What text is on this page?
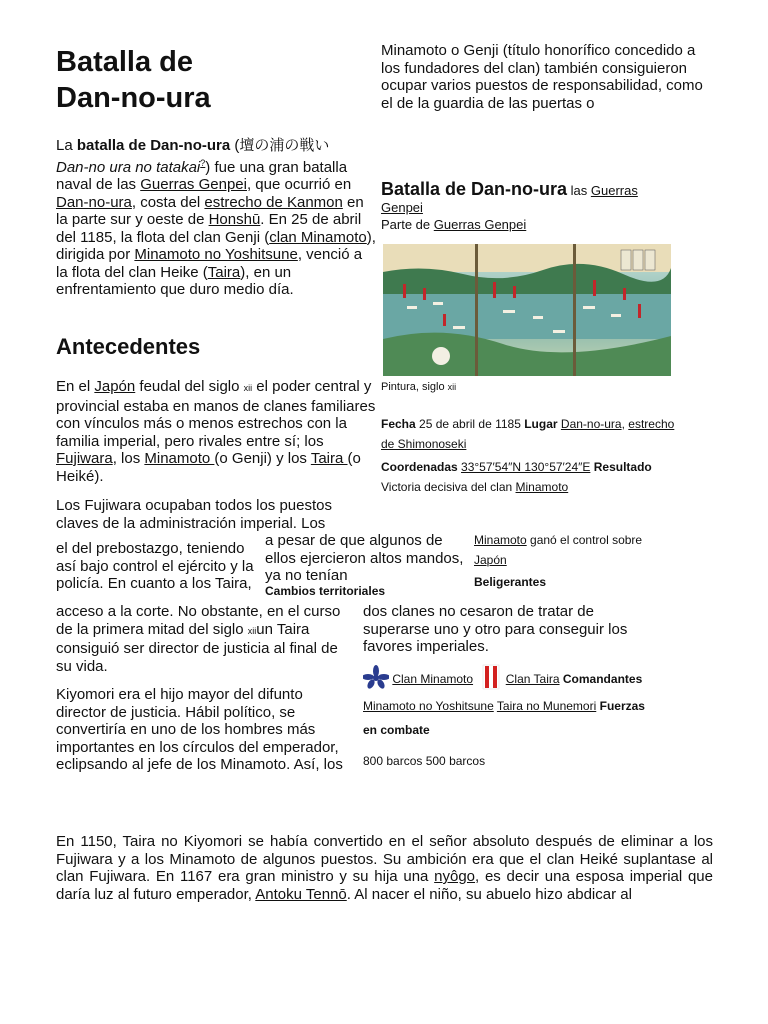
Batalla de
Dan-no-ura
La batalla de Dan-no-ura (壇の浦の戦い
Dan-no ura no tatakai?) fue una gran batalla naval de las Guerras Genpei, que ocurrió en Dan-no-ura, costa del estrecho de Kanmon en la parte sur y oeste de Honshū. En 25 de abril del 1185, la flota del clan Genji (clan Minamoto), dirigida por Minamoto no Yoshitsune, venció a la flota del clan Heike (Taira), en un enfrentamiento que duro medio día.
Antecedentes
En el Japón feudal del siglo xii el poder central y provincial estaba en manos de clanes familiares con vínculos más o menos estrechos con la familia imperial, pero rivales entre sí; los Fujiwara, los Minamoto (o Genji) y los Taira (o Heiké).
Los Fujiwara ocupaban todos los puestos claves de la administración imperial. Los
el del prebostazgo, teniendo así bajo control el ejército y la policía. En cuanto a los Taira,
a pesar de que algunos de ellos ejercieron altos mandos, ya no tenían
acceso a la corte. No obstante, en el curso de la primera mitad del siglo xiiun Taira consiguió ser director de justicia al final de su vida.
Kiyomori era el hijo mayor del difunto director de justicia. Hábil político, se convertiría en uno de los hombres más importantes en los círculos del emperador, eclipsando al jefe de los Minamoto. Así, los
Minamoto o Genji (título honorífico concedido a los fundadores del clan) también consiguieron ocupar varios puestos de responsabilidad, como el de la guardia de las puertas o
Batalla de Dan-no-ura las Guerras
Genpei
Parte de Guerras Genpei
Pintura, siglo xii
Fecha 25 de abril de 1185 Lugar Dan-no-ura, estrecho
de Shimonoseki
Coordenadas 33°57′54″N 130°57′24″E Resultado
Victoria decisiva del clan Minamoto
Minamoto ganó el control sobre
Japón
Beligerantes
Cambios territoriales
dos clanes no cesaron de tratar de superarse uno y otro para conseguir los favores imperiales.
Clan Minamoto	Clan Taira Comandantes
Minamoto no Yoshitsune Taira no Munemori Fuerzas
en combate
800 barcos 500 barcos
En 1150, Taira no Kiyomori se había convertido en el señor absoluto después de eliminar a los Fujiwara y a los Minamoto de algunos puestos. Su ambición era que el clan Heiké suplantase al clan Fujiwara. En 1167 era gran ministro y su hija una nyôgo, es decir una esposa imperial que daría luz al futuro emperador, Antoku Tennō. Al nacer el niño, su abuelo hizo abdicar al
